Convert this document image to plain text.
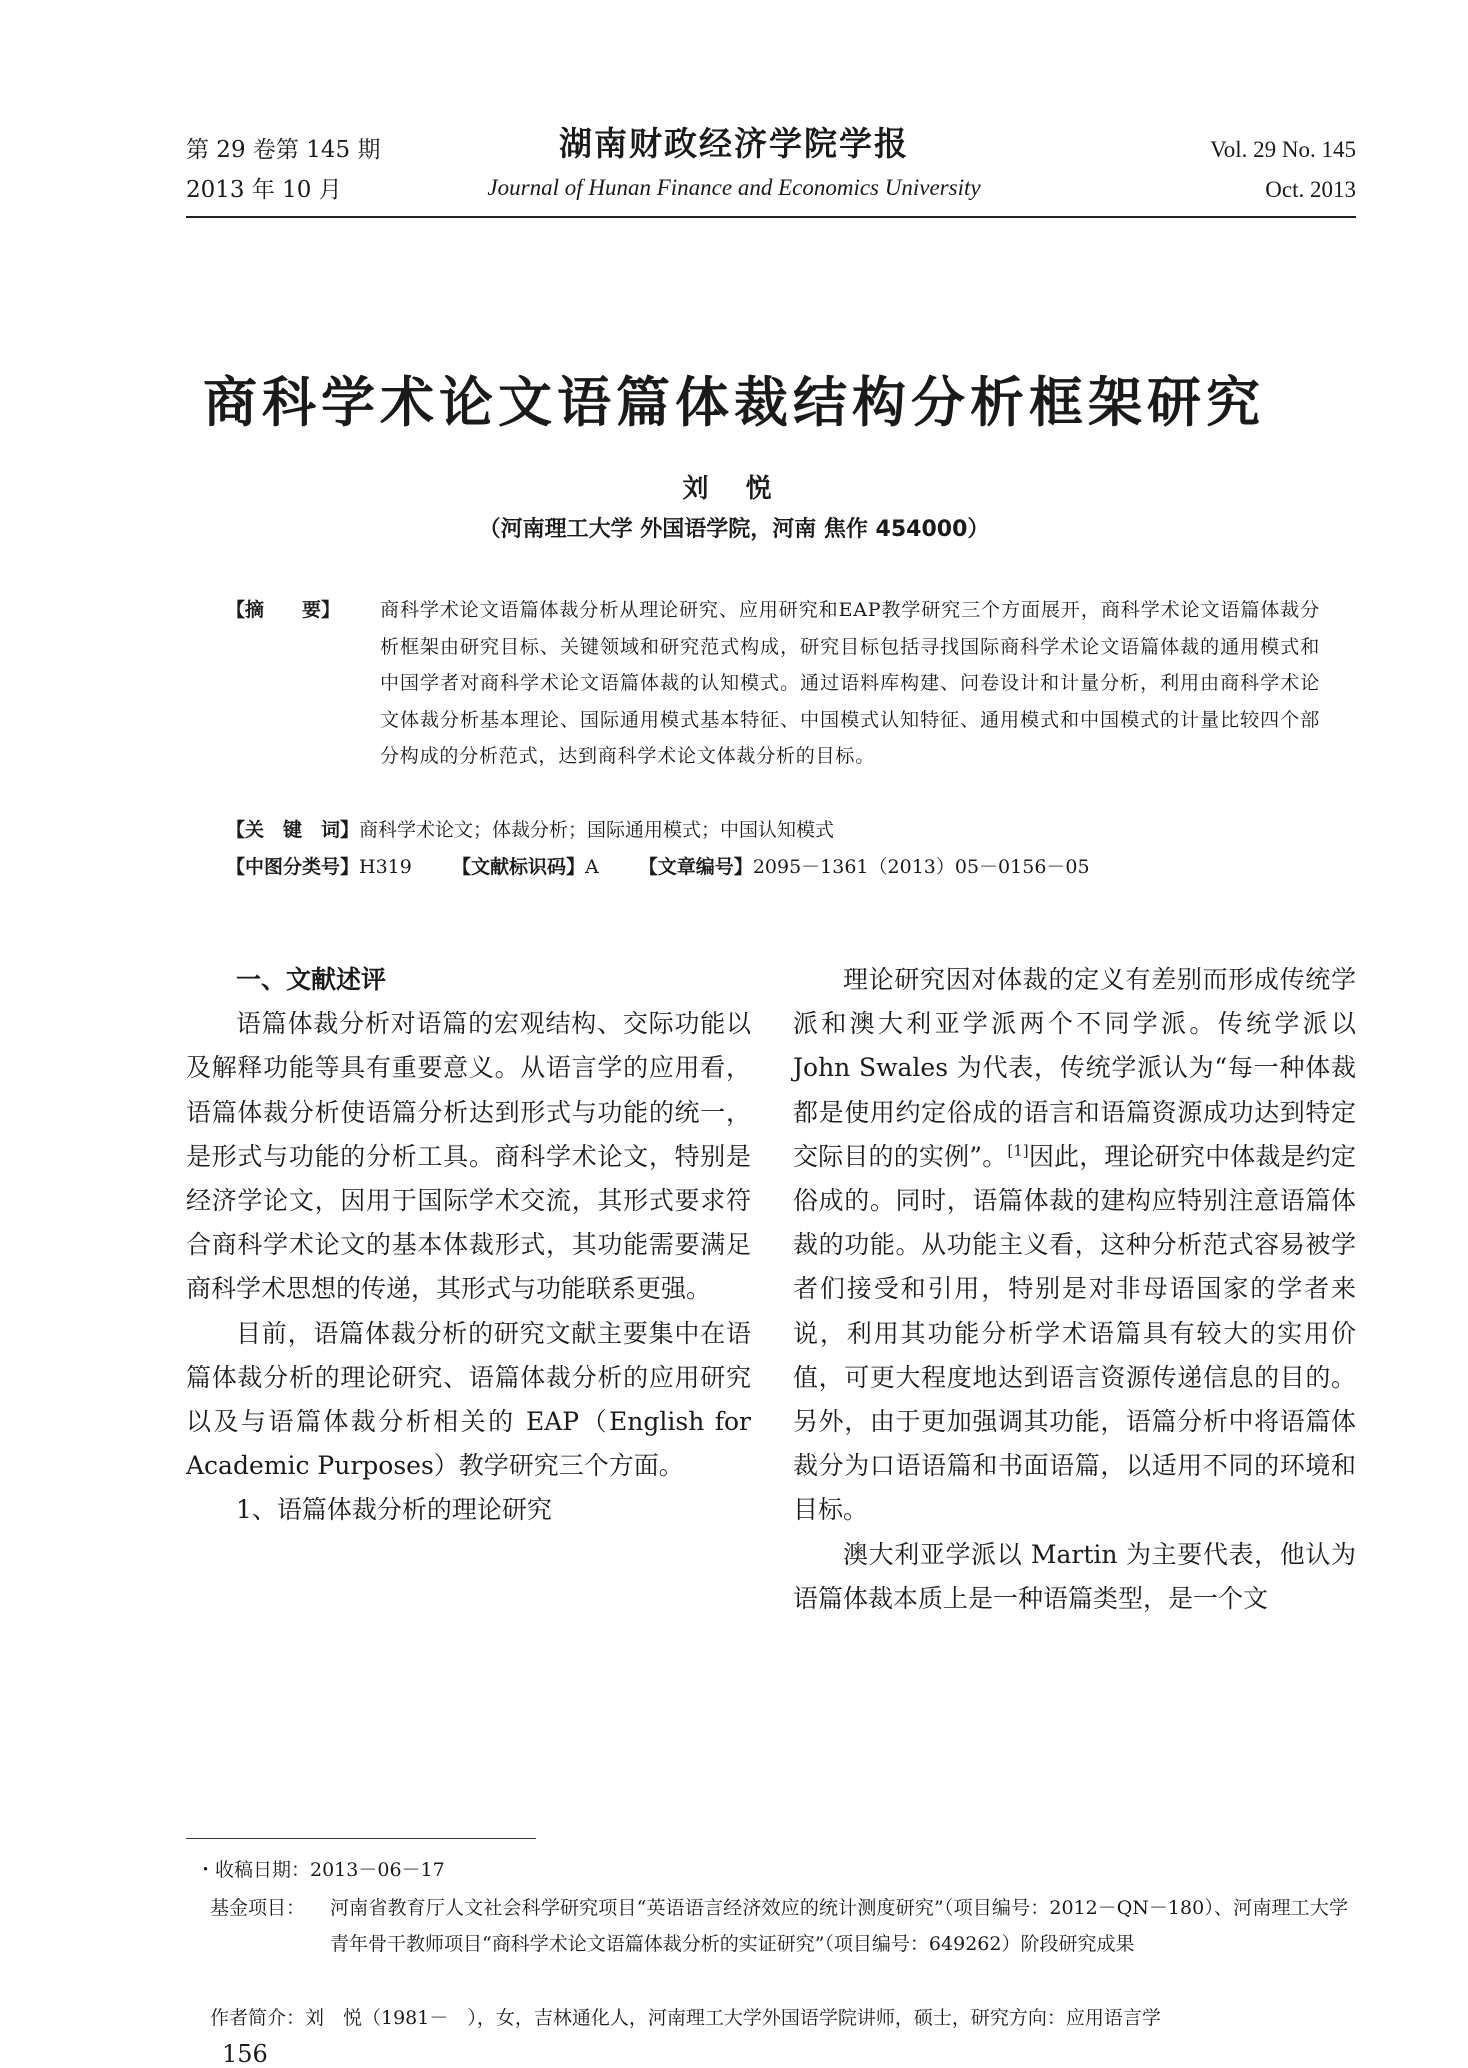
第 29 卷第 145 期
2013 年 10 月
湖南财政经济学院学报
Journal of Hunan Finance and Economics University
Vol. 29 No. 145
Oct. 2013
商科学术论文语篇体裁结构分析框架研究
刘 悦
（河南理工大学 外国语学院，河南 焦作 454000）
【摘　　要】 商科学术论文语篇体裁分析从理论研究、应用研究和EAP教学研究三个方面展开，商科学术论文语篇体裁分析框架由研究目标、关键领域和研究范式构成，研究目标包括寻找国际商科学术论文语篇体裁的通用模式和中国学者对商科学术论文语篇体裁的认知模式。通过语料库构建、问卷设计和计量分析，利用由商科学术论文体裁分析基本理论、国际通用模式基本特征、中国模式认知特征、通用模式和中国模式的计量比较四个部分构成的分析范式，达到商科学术论文体裁分析的目标。
【关　键　词】商科学术论文；体裁分析；国际通用模式；中国认知模式
【中图分类号】H319 【文献标识码】A 【文章编号】2095－1361（2013）05－0156－05

一、文献述评

语篇体裁分析对语篇的宏观结构、交际功能以及解释功能等具有重要意义。从语言学的应用看，语篇体裁分析使语篇分析达到形式与功能的统一，是形式与功能的分析工具。商科学术论文，特别是经济学论文，因用于国际学术交流，其形式要求符合商科学术论文的基本体裁形式，其功能需要满足商科学术思想的传递，其形式与功能联系更强。

目前，语篇体裁分析的研究文献主要集中在语篇体裁分析的理论研究、语篇体裁分析的应用研究以及与语篇体裁分析相关的 EAP（English for Academic Purposes）教学研究三个方面。

1、语篇体裁分析的理论研究

理论研究因对体裁的定义有差别而形成传统学派和澳大利亚学派两个不同学派。传统学派以 John Swales 为代表，传统学派认为“每一种体裁都是使用约定俗成的语言和语篇资源成功达到特定交际目的的实例”。[1]因此，理论研究中体裁是约定俗成的。同时，语篇体裁的建构应特别注意语篇体裁的功能。从功能主义看，这种分析范式容易被学者们接受和引用，特别是对非母语国家的学者来说，利用其功能分析学术语篇具有较大的实用价值，可更大程度地达到语言资源传递信息的目的。另外，由于更加强调其功能，语篇分析中将语篇体裁分为口语语篇和书面语篇，以适用不同的环境和目标。

澳大利亚学派以 Martin 为主要代表，他认为语篇体裁本质上是一种语篇类型，是一个文

・收稿日期：2013－06－17
基金项目： 河南省教育厅人文社会科学研究项目“英语语言经济效应的统计测度研究”（项目编号：2012－QN－180）、河南理工大学青年骨干教师项目“商科学术论文语篇体裁分析的实证研究”（项目编号：649262）阶段研究成果
作者简介：刘　悦（1981－　），女，吉林通化人，河南理工大学外国语学院讲师，硕士，研究方向：应用语言学
156
